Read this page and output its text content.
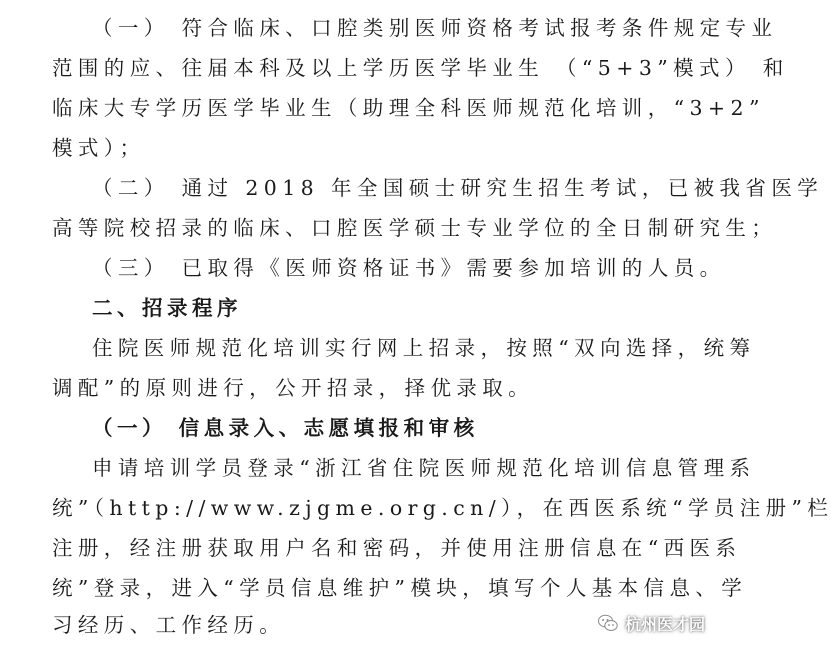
（一） 符合临床、口腔类别医师资格考试报考条件规定专业
范围的应、往届本科及以上学历医学毕业生 （“5+3”模式） 和
临床大专学历医学毕业生（助理全科医师规范化培训，“3+2”
模式）；
（二） 通过 2018 年全国硕士研究生招生考试，已被我省医学
高等院校招录的临床、口腔医学硕士专业学位的全日制研究生；
（三） 已取得《医师资格证书》需要参加培训的人员。
二、招录程序
住院医师规范化培训实行网上招录，按照“双向选择，统筹
调配”的原则进行，公开招录，择优录取。
（一） 信息录入、志愿填报和审核
申请培训学员登录“浙江省住院医师规范化培训信息管理系
统”（http://www.zjgme.org.cn/），在西医系统“学员注册”栏
注册，经注册获取用户名和密码，并使用注册信息在“西医系
统”登录，进入“学员信息维护”模块，填写个人基本信息、学
习经历、工作经历。	杭州医才园
